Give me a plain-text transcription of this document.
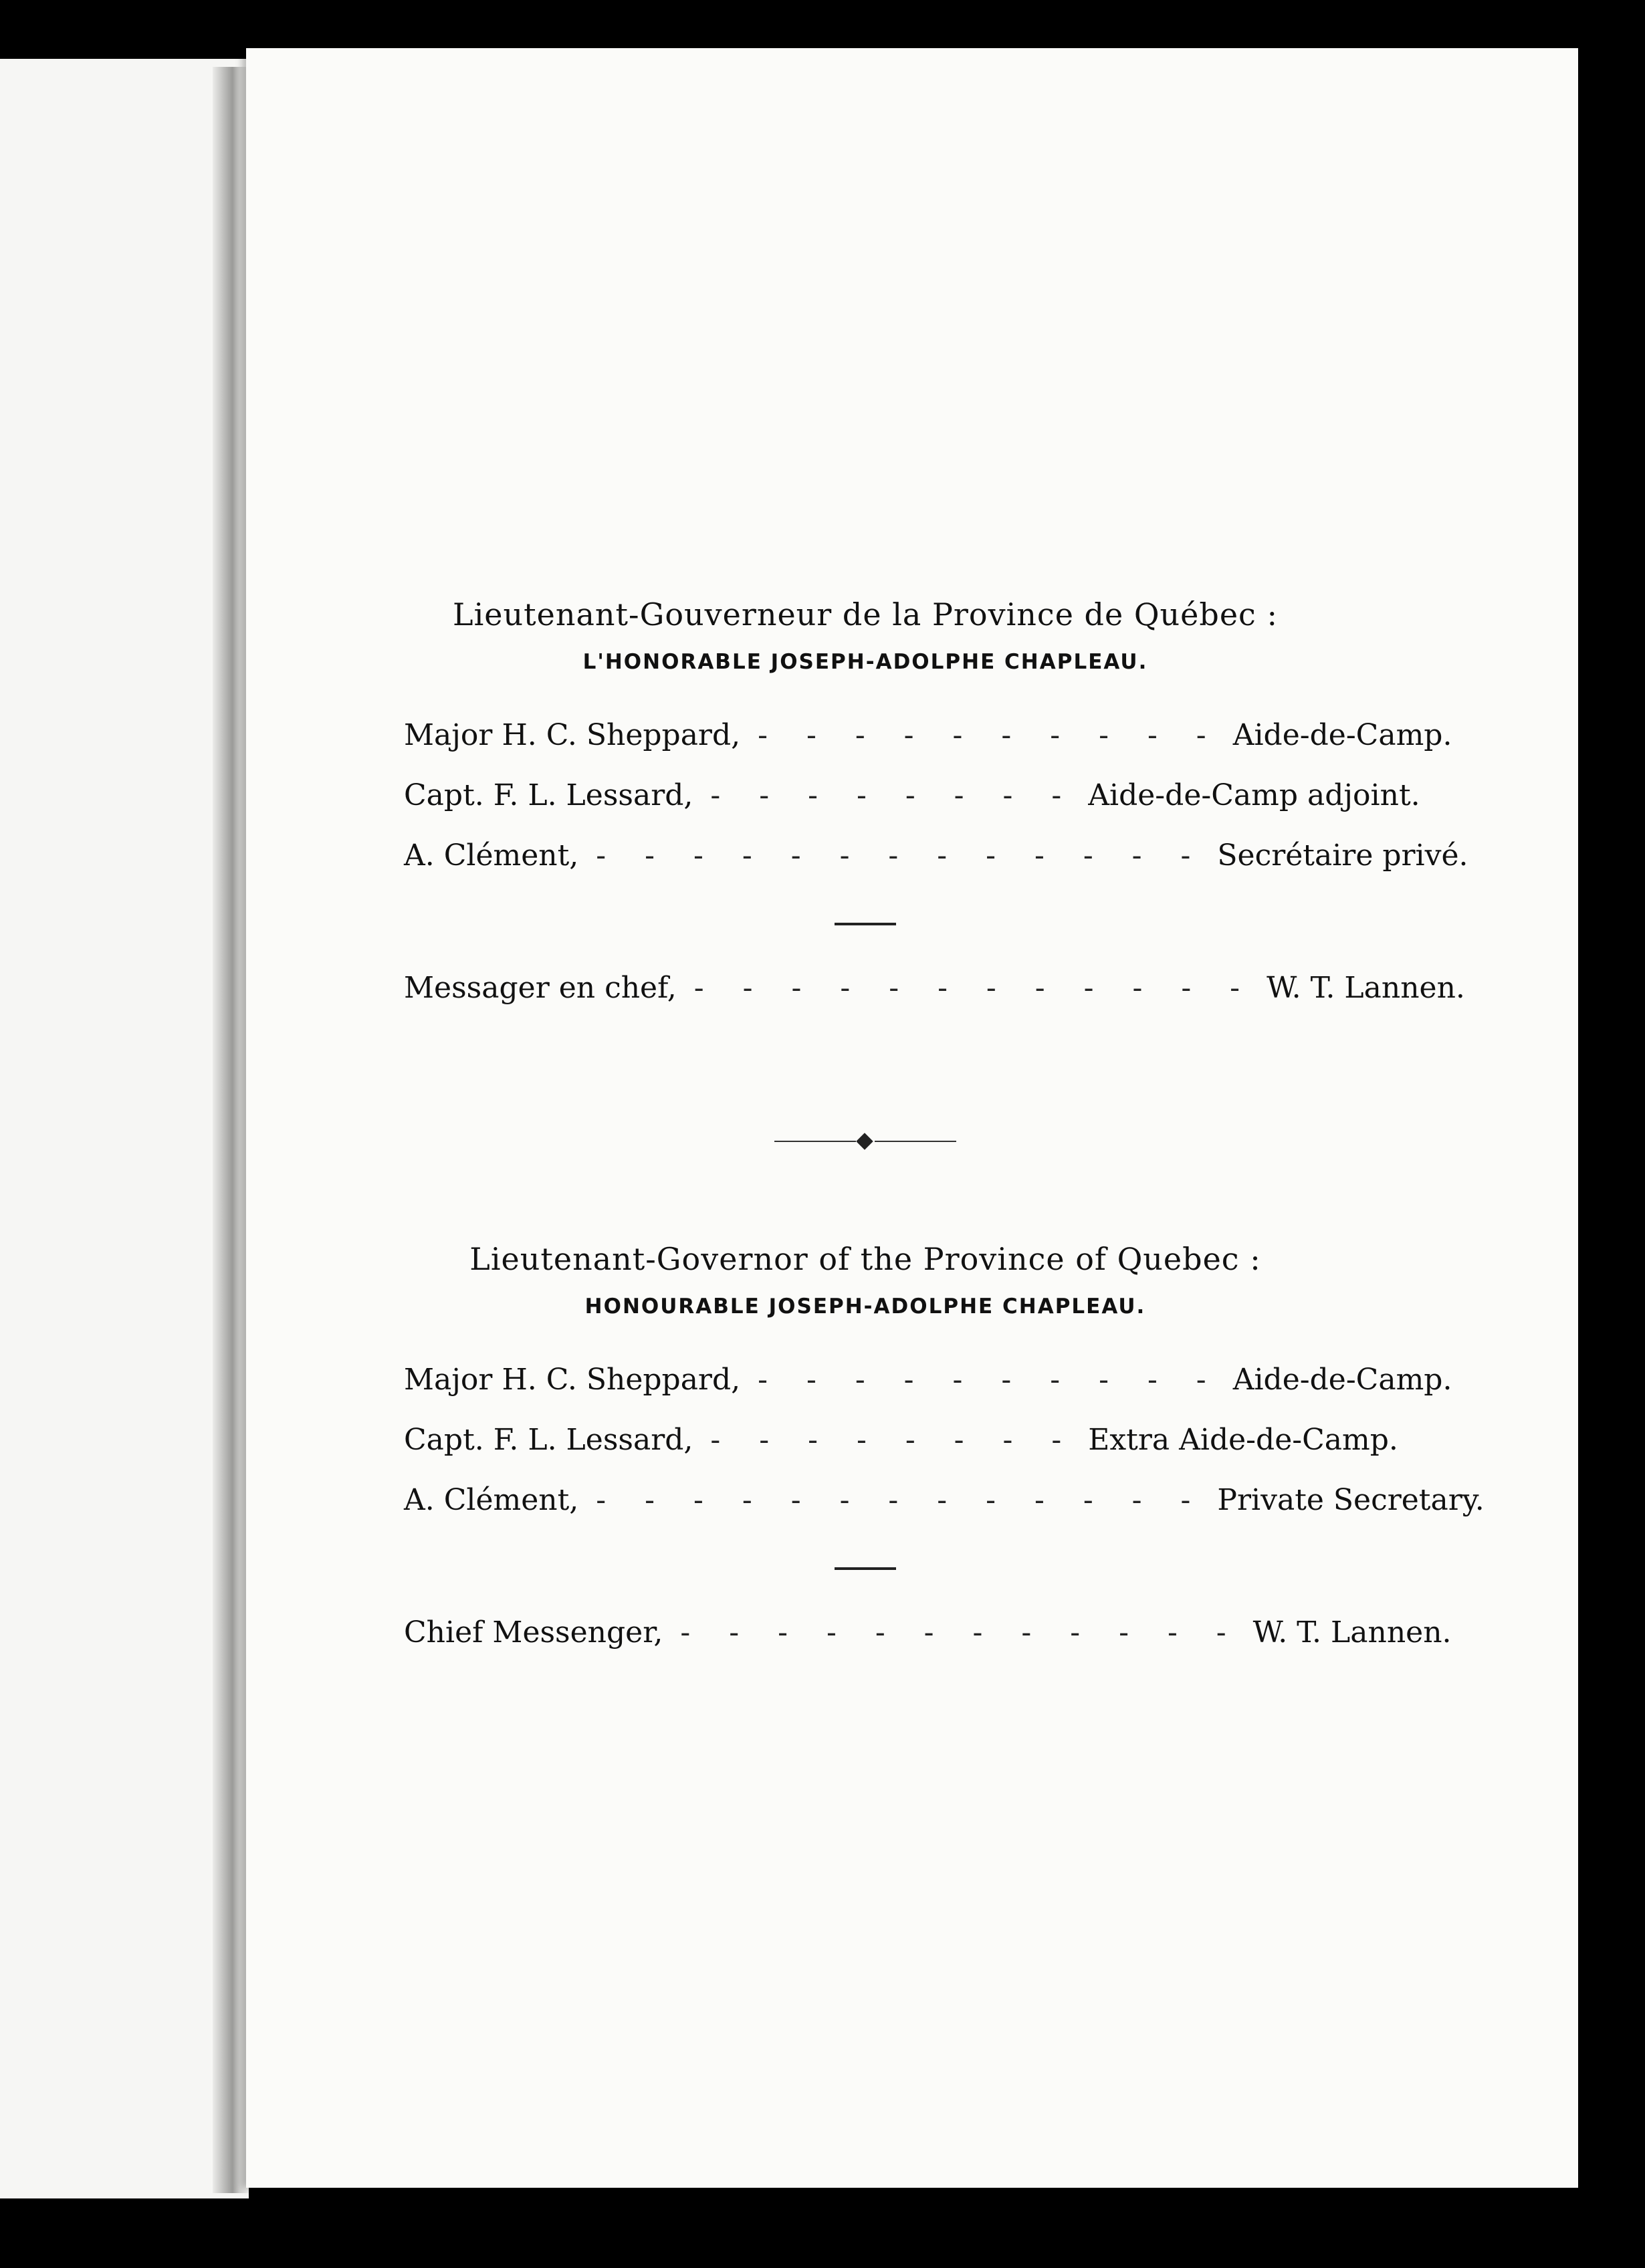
Lieutenant-Gouverneur de la Province de Québec :

L'HONORABLE JOSEPH-ADOLPHE CHAPLEAU.

Major H. C. Sheppard, - - - - - - - - - - Aide-de-Camp.
Capt. F. L. Lessard, - - - - - - - - Aide-de-Camp adjoint.
A. Clément, - - - - - - - - - - - - - Secrétaire privé.
Messager en chef, - - - - - - - - - - - - W. T. Lannen.

Lieutenant-Governor of the Province of Quebec :

HONOURABLE JOSEPH-ADOLPHE CHAPLEAU.

Major H. C. Sheppard, - - - - - - - - - - Aide-de-Camp.
Capt. F. L. Lessard, - - - - - - - - Extra Aide-de-Camp.
A. Clément, - - - - - - - - - - - - - Private Secretary.
Chief Messenger, - - - - - - - - - - - - W. T. Lannen.
